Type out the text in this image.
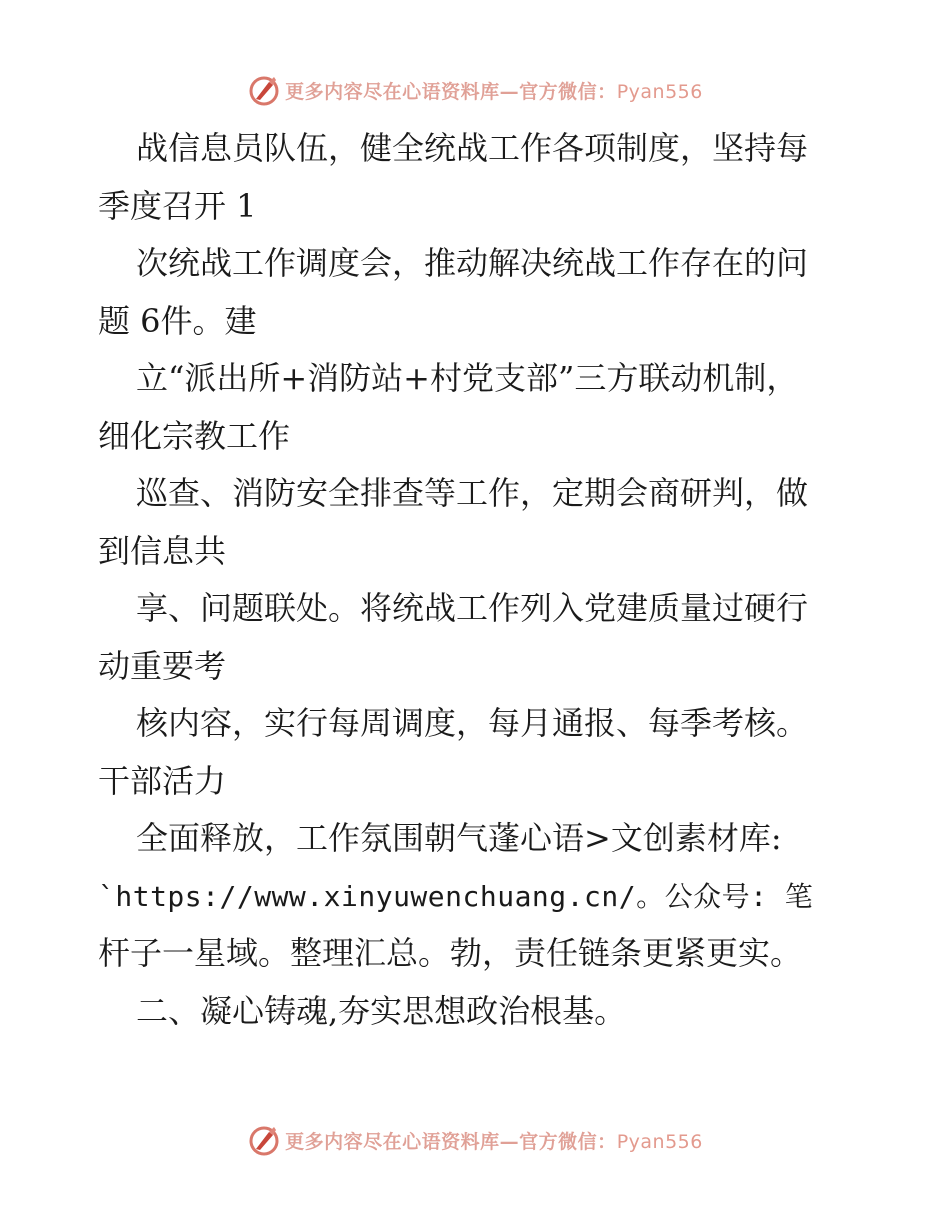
更多内容尽在心语资料库—官方微信：Pyan556
战信息员队伍，健全统战工作各项制度，坚持每
季度召开 1
次统战工作调度会，推动解决统战工作存在的问
题 6件。建
立“派出所+消防站+村党支部”三方联动机制，
细化宗教工作
巡查、消防安全排查等工作，定期会商研判，做
到信息共
享、问题联处。将统战工作列入党建质量过硬行
动重要考
核内容，实行每周调度，每月通报、每季考核。
干部活力
全面释放，工作氛围朝气蓬心语>文创素材库:
`https://www.xinyuwenchuang.cn/。公众号: 笔
杆子一星域。整理汇总。勃，责任链条更紧更实。
二、凝心铸魂,夯实思想政治根基。
更多内容尽在心语资料库—官方微信：Pyan556
